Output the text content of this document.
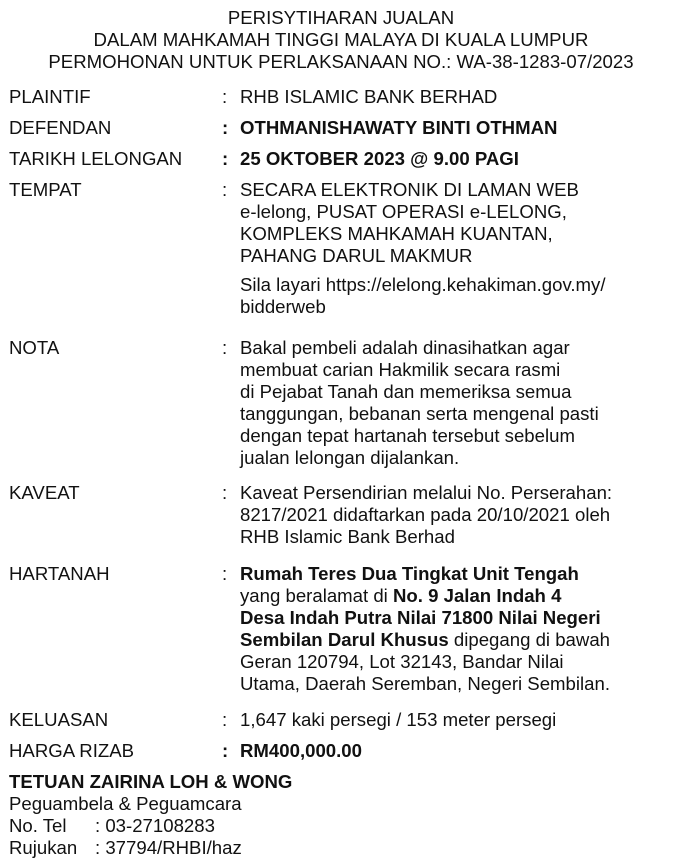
PERISYTIHARAN JUALAN
DALAM MAHKAMAH TINGGI MALAYA DI KUALA LUMPUR
PERMOHONAN UNTUK PERLAKSANAAN NO.: WA-38-1283-07/2023
PLAINTIF	: RHB ISLAMIC BANK BERHAD
DEFENDAN	: OTHMANISHAWATY BINTI OTHMAN
TARIKH LELONGAN : 25 OKTOBER 2023 @ 9.00 PAGI
TEMPAT	: SECARA ELEKTRONIK DI LAMAN WEB

e-lelong, PUSAT OPERASI e-LELONG,

KOMPLEKS MAHKAMAH KUANTAN,

PAHANG DARUL MAKMUR

Sila layari https://elelong.kehakiman.gov.my/

bidderweb

NOTA	: Bakal pembeli adalah dinasihatkan agar

membuat carian Hakmilik secara rasmi

di Pejabat Tanah dan memeriksa semua

tanggungan, bebanan serta mengenal pasti

dengan tepat hartanah tersebut sebelum

jualan lelongan dijalankan.

KAVEAT	: Kaveat Persendirian melalui No. Perserahan:

8217/2021 didaftarkan pada 20/10/2021 oleh

RHB Islamic Bank Berhad

HARTANAH	: Rumah Teres Dua Tingkat Unit Tengah

yang beralamat di No. 9 Jalan Indah 4

Desa Indah Putra Nilai 71800 Nilai Negeri

Sembilan Darul Khusus dipegang di bawah

Geran 120794, Lot 32143, Bandar Nilai

Utama, Daerah Seremban, Negeri Sembilan.

KELUASAN	: 1,647 kaki persegi / 153 meter persegi
HARGA RIZAB	: RM400,000.00
TETUAN ZAIRINA LOH & WONG
Peguambela & Peguamcara
No. Tel : 03-27108283
Rujukan : 37794/RHBI/haz
